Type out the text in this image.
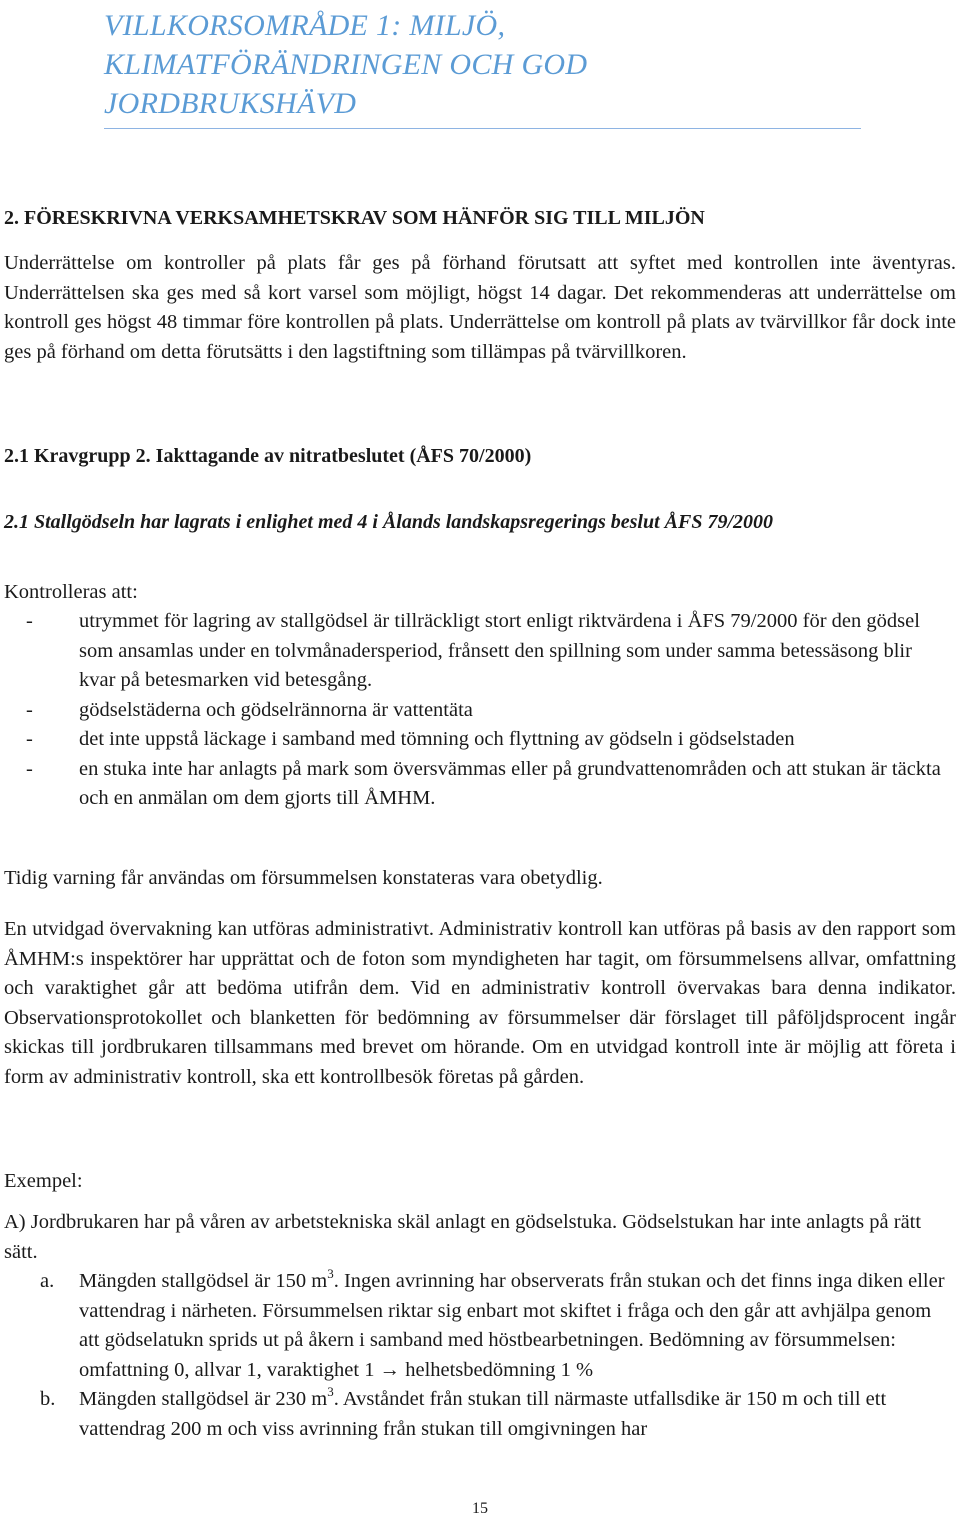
VILLKORSOMRÅDE 1: MILJÖ,
KLIMATFÖRÄNDRINGEN OCH GOD
JORDBRUKSHÄVD
2. FÖRESKRIVNA VERKSAMHETSKRAV SOM HÄNFÖR SIG TILL MILJÖN

Underrättelse om kontroller på plats får ges på förhand förutsatt att syftet med kontrollen inte äventyras. Underrättelsen ska ges med så kort varsel som möjligt, högst 14 dagar. Det rekommenderas att underrättelse om kontroll ges högst 48 timmar före kontrollen på plats. Underrättelse om kontroll på plats av tvärvillkor får dock inte ges på förhand om detta förutsätts i den lagstiftning som tillämpas på tvärvillkoren.

2.1 Kravgrupp 2. Iakttagande av nitratbeslutet (ÅFS 70/2000)

2.1 Stallgödseln har lagrats i enlighet med 4 i Ålands landskapsregerings beslut ÅFS 79/2000

Kontrolleras att:

- utrymmet för lagring av stallgödsel är tillräckligt stort enligt riktvärdena i ÅFS 79/2000 för den gödsel som ansamlas under en tolvmånadersperiod, frånsett den spillning som under samma betessäsong blir kvar på betesmarken vid betesgång.
- gödselstäderna och gödselrännorna är vattentäta
- det inte uppstå läckage i samband med tömning och flyttning av gödseln i gödselstaden
- en stuka inte har anlagts på mark som översvämmas eller på grundvattenområden och att stukan är täckta och en anmälan om dem gjorts till ÅMHM.

Tidig varning får användas om försummelsen konstateras vara obetydlig.

En utvidgad övervakning kan utföras administrativt. Administrativ kontroll kan utföras på basis av den rapport som ÅMHM:s inspektörer har upprättat och de foton som myndigheten har tagit, om försummelsens allvar, omfattning och varaktighet går att bedöma utifrån dem. Vid en administrativ kontroll övervakas bara denna indikator. Observationsprotokollet och blanketten för bedömning av försummelser där förslaget till påföljdsprocent ingår skickas till jordbrukaren tillsammans med brevet om hörande. Om en utvidgad kontroll inte är möjlig att företa i form av administrativ kontroll, ska ett kontrollbesök företas på gården.

Exempel:

A) Jordbrukaren har på våren av arbetstekniska skäl anlagt en gödselstuka. Gödselstukan har inte anlagts på rätt sätt.

a. Mängden stallgödsel är 150 $m^3$. Ingen avrinning har observerats från stukan och det finns inga diken eller vattendrag i närheten. Försummelsen riktar sig enbart mot skiftet i fråga och den går att avhjälpa genom att gödselatukn sprids ut på åkern i samband med höstbearbetningen. Bedömning av försummelsen: omfattning 0, allvar 1, varaktighet 1 → helhetsbedömning 1 %
b. Mängden stallgödsel är 230 $m^3$. Avståndet från stukan till närmaste utfallsdike är 150 m och till ett vattendrag 200 m och viss avrinning från stukan till omgivningen har
15
